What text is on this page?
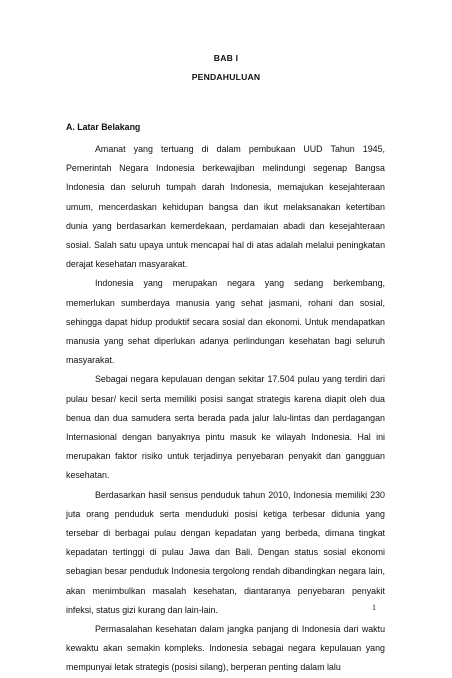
BAB I
PENDAHULUAN
A. Latar Belakang

Amanat yang tertuang di dalam pembukaan UUD Tahun 1945, Pemerintah Negara Indonesia berkewajiban melindungi segenap Bangsa Indonesia dan seluruh tumpah darah Indonesia, memajukan kesejahteraan umum, mencerdaskan kehidupan bangsa dan ikut melaksanakan ketertiban dunia yang berdasarkan kemerdekaan, perdamaian abadi dan kesejahteraan sosial. Salah satu upaya untuk mencapai hal di atas adalah melalui peningkatan derajat kesehatan masyarakat.

Indonesia yang merupakan negara yang sedang berkembang, memerlukan sumberdaya manusia yang sehat jasmani, rohani dan sosial, sehingga dapat hidup produktif secara sosial dan ekonomi. Untuk mendapatkan manusia yang sehat diperlukan adanya perlindungan kesehatan bagi seluruh masyarakat.

Sebagai negara kepulauan dengan sekitar 17.504 pulau yang terdiri dari pulau besar/ kecil serta memiliki posisi sangat strategis karena diapit oleh dua benua dan dua samudera serta berada pada jalur lalu-lintas dan perdagangan Internasional dengan banyaknya pintu masuk ke wilayah Indonesia. Hal ini merupakan faktor risiko untuk terjadinya penyebaran penyakit dan gangguan kesehatan.

Berdasarkan hasil sensus penduduk tahun 2010, Indonesia memiliki 230 juta orang penduduk serta menduduki posisi ketiga terbesar didunia yang tersebar di berbagai pulau dengan kepadatan yang berbeda, dimana tingkat kepadatan tertinggi di pulau Jawa dan Bali. Dengan status sosial ekonomi sebagian besar penduduk Indonesia tergolong rendah dibandingkan negara lain, akan menimbulkan masalah kesehatan, diantaranya penyebaran penyakit infeksi, status gizi kurang dan lain-lain.

Permasalahan kesehatan dalam jangka panjang di Indonesia dari waktu kewaktu akan semakin kompleks. Indonesia sebagai negara kepulauan yang mempunyai letak strategis (posisi silang), berperan penting dalam lalu

1
